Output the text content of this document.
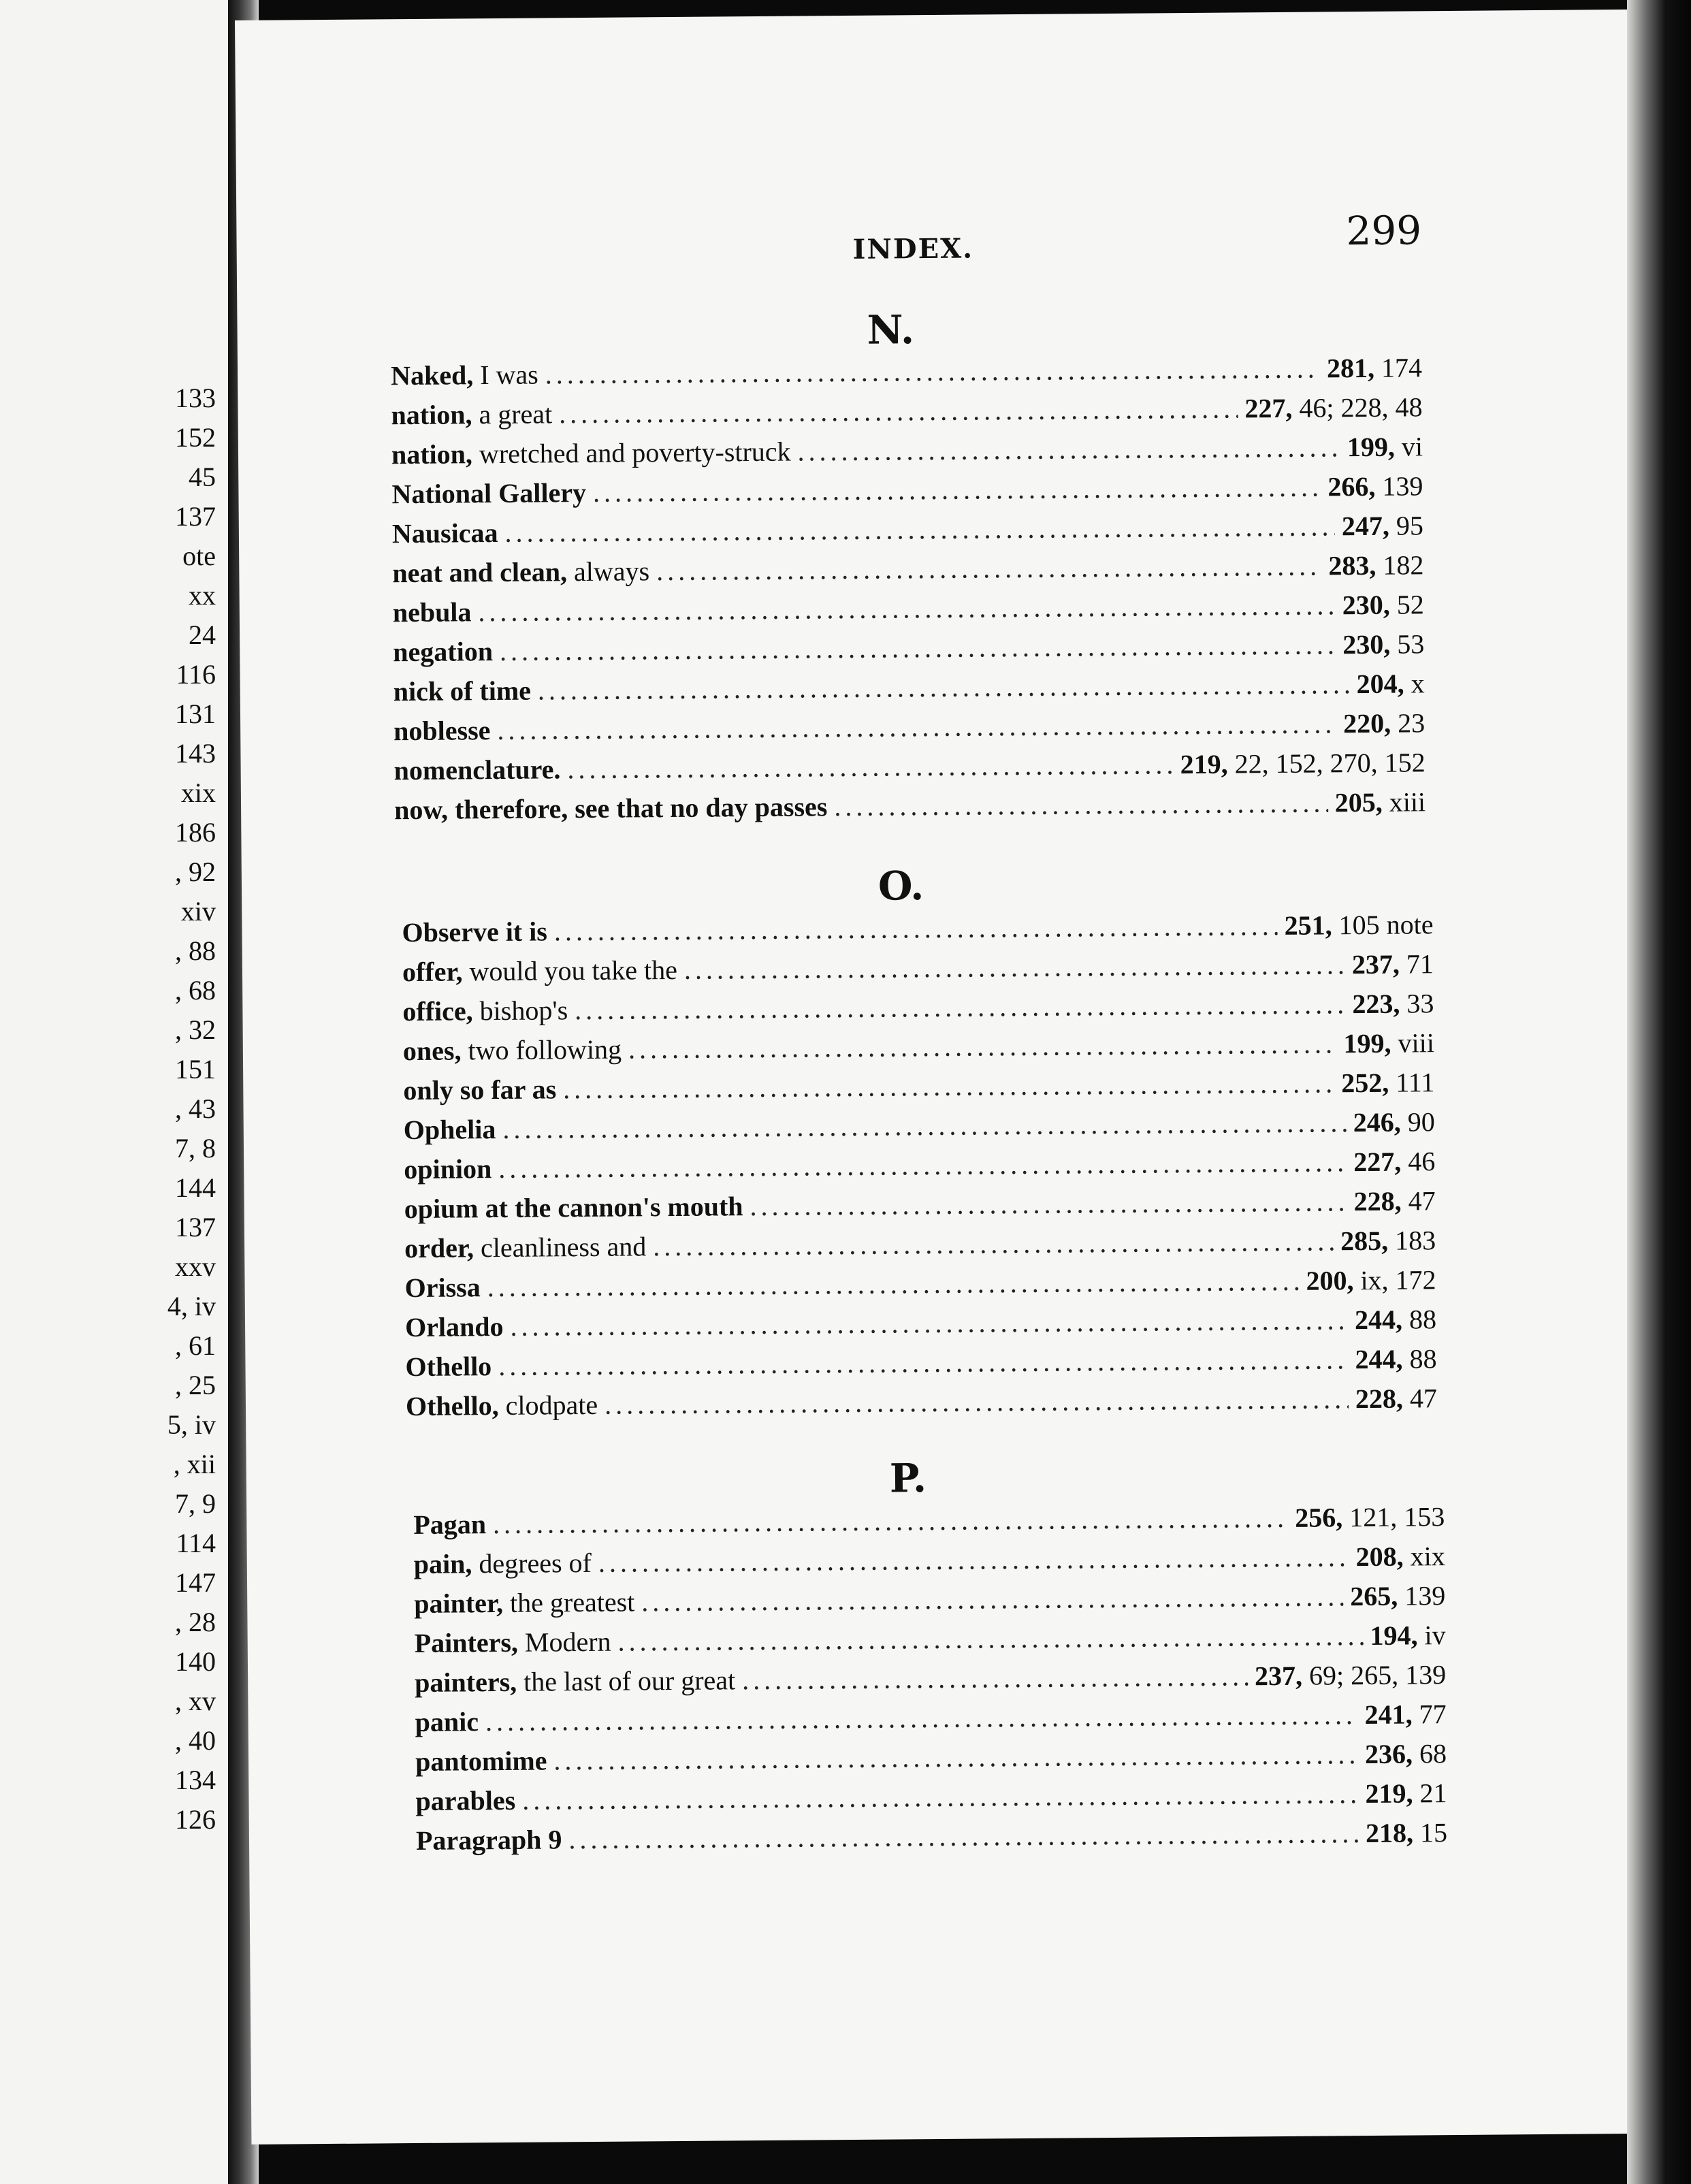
133
152
45
137
ote
xx
24
116
131
143
xix
186
, 92
xiv
, 88
, 68
, 32
151
, 43
7, 8
144
137
xxv
4, iv
, 61
, 25
5, iv
, xii
7, 9
114
147
, 28
140
, xv
, 40
134
126
INDEX.	299
N.
Naked, I was .....	281, 174
nation, a great .....	227, 46; 228, 48
nation, wretched and poverty-struck .....	199, vi
National Gallery .....	266, 139
Nausicaa .....	247, 95
neat and clean, always .....	283, 182
nebula .....	230, 52
negation .....	230, 53
nick of time .....	204, x
noblesse .....	220, 23
nomenclature. .....	219, 22, 152, 270, 152
now, therefore, see that no day passes .....	205, xiii
O.
Observe it is .....	251, 105 note
offer, would you take the .....	237, 71
office, bishop's .....	223, 33
ones, two following .....	199, viii
only so far as .....	252, 111
Ophelia .....	246, 90
opinion .....	227, 46
opium at the cannon's mouth .....	228, 47
order, cleanliness and .....	285, 183
Orissa .....	200, ix, 172
Orlando .....	244, 88
Othello .....	244, 88
Othello, clodpate .....	228, 47
P.
Pagan .....	256, 121, 153
pain, degrees of .....	208, xix
painter, the greatest .....	265, 139
Painters, Modern .....	194, iv
painters, the last of our great .....	237, 69; 265, 139
panic .....	241, 77
pantomime .....	236, 68
parables .....	219, 21
Paragraph 9 .....	218, 15
